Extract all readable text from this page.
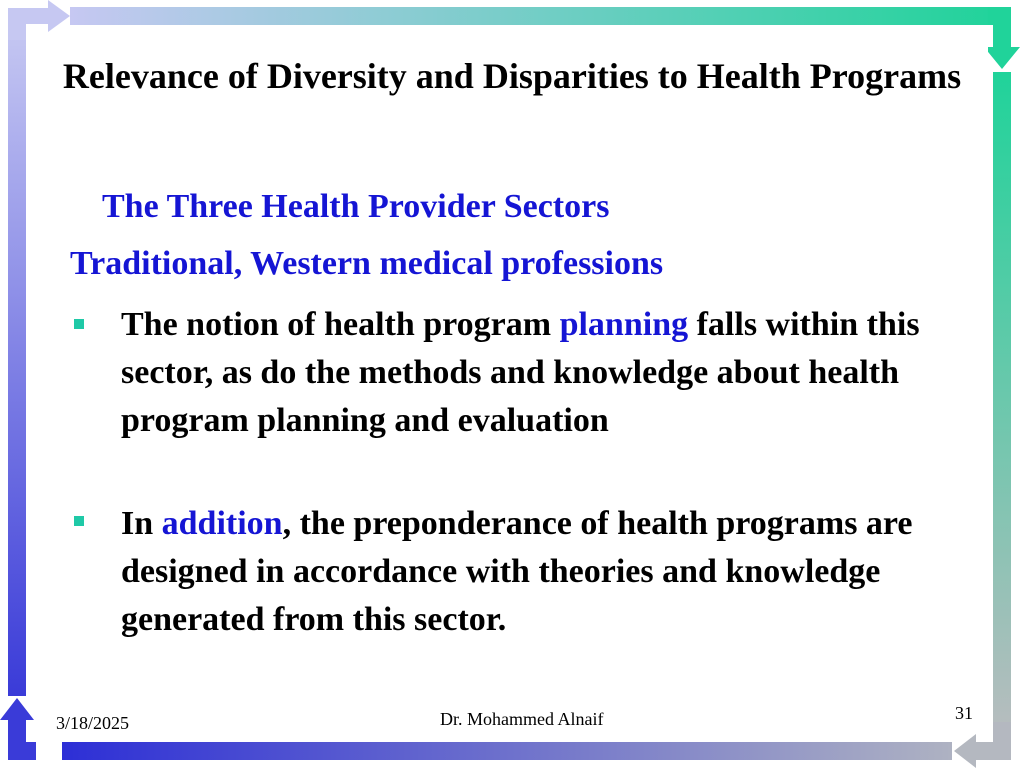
Relevance of Diversity and Disparities to Health Programs
The Three Health Provider Sectors
Traditional, Western medical professions
The notion of health program planning falls within this sector, as do the methods and knowledge about health program planning and evaluation
In addition, the preponderance of health programs are designed in accordance with theories and knowledge generated from this sector.
3/18/2025	Dr. Mohammed Alnaif	31
